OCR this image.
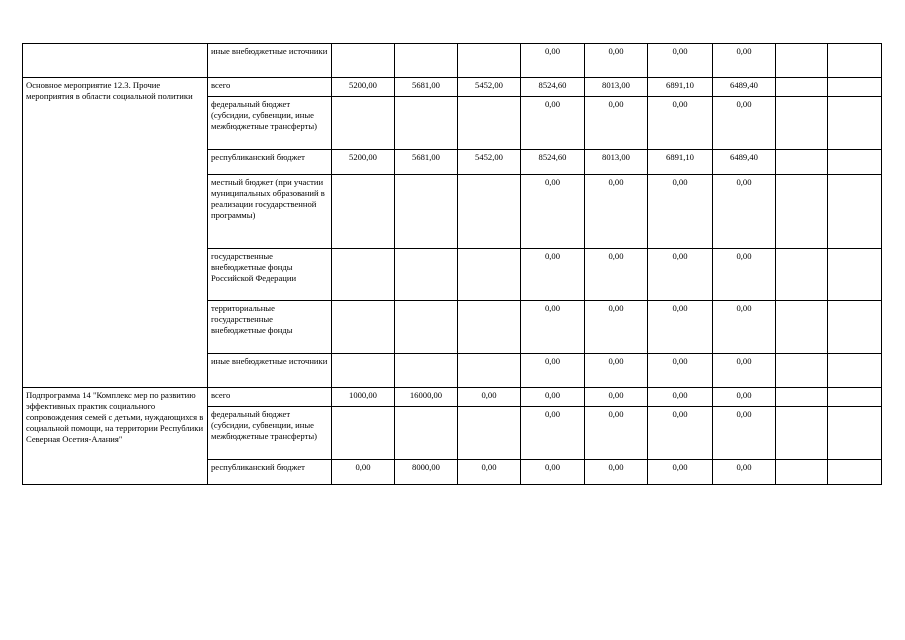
	иные внебюджетные источники				0,00	0,00	0,00	0,00		
Основное мероприятие 12.3. Прочие мероприятия в области социальной политики	всего	5200,00	5681,00	5452,00	8524,60	8013,00	6891,10	6489,40		
	федеральный бюджет (субсидии, субвенции, иные межбюджетные трансферты)				0,00	0,00	0,00	0,00		
	республиканский бюджет	5200,00	5681,00	5452,00	8524,60	8013,00	6891,10	6489,40		
	местный бюджет (при участии муниципальных образований в реализации государственной программы)				0,00	0,00	0,00	0,00		
	государственные внебюджетные фонды Российской Федерации				0,00	0,00	0,00	0,00		
	территориальные государственные внебюджетные фонды				0,00	0,00	0,00	0,00		
	иные внебюджетные источники				0,00	0,00	0,00	0,00		
Подпрограмма 14 "Комплекс мер по развитию эффективных практик социального сопровождения семей с детьми, нуждающихся в социальной помощи, на территории Республики Северная Осетия-Алания"	всего	1000,00	16000,00	0,00	0,00	0,00	0,00	0,00		
	федеральный бюджет (субсидии, субвенции, иные межбюджетные трансферты)				0,00	0,00	0,00	0,00		
	республиканский бюджет	0,00	8000,00	0,00	0,00	0,00	0,00	0,00		
